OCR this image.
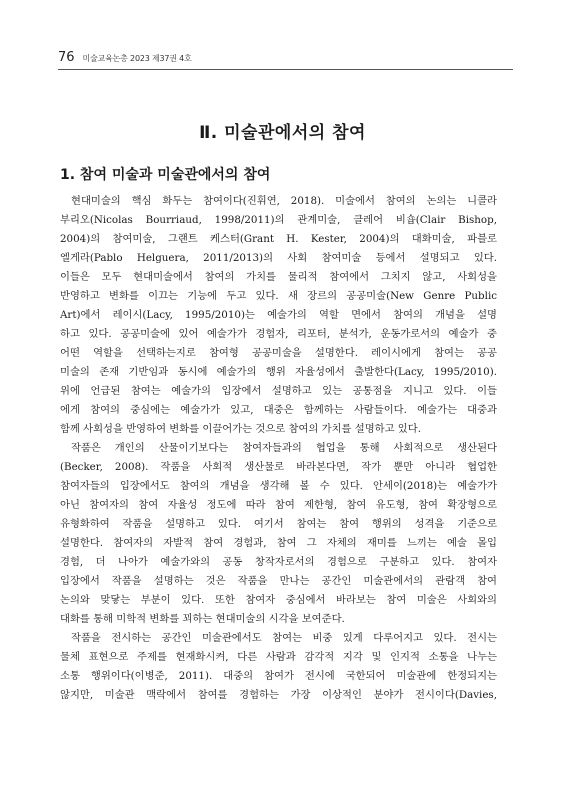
76 미술교육논총 2023 제37권 4호
Ⅱ. 미술관에서의 참여
1. 참여 미술과 미술관에서의 참여
현대미술의 핵심 화두는 참여이다(진휘연, 2018). 미술에서 참여의 논의는 니콜라
부리오(Nicolas Bourriaud, 1998/2011)의 관계미술, 클레어 비숍(Clair Bishop,
2004)의 참여미술, 그랜트 케스터(Grant H. Kester, 2004)의 대화미술, 파블로
엘게라(Pablo Helguera, 2011/2013)의 사회 참여미술 등에서 설명되고 있다.
이들은 모두 현대미술에서 참여의 가치를 물리적 참여에서 그치지 않고, 사회성을
반영하고 변화를 이끄는 기능에 두고 있다. 새 장르의 공공미술(New Genre Public
Art)에서 레이시(Lacy, 1995/2010)는 예술가의 역할 면에서 참여의 개념을 설명
하고 있다. 공공미술에 있어 예술가가 경험자, 리포터, 분석가, 운동가로서의 예술가 중
어떤 역할을 선택하는지로 참여형 공공미술을 설명한다. 레이시에게 참여는 공공
미술의 존재 기반임과 동시에 예술가의 행위 자율성에서 출발한다(Lacy, 1995/2010).
위에 언급된 참여는 예술가의 입장에서 설명하고 있는 공통점을 지니고 있다. 이들
에게 참여의 중심에는 예술가가 있고, 대중은 함께하는 사람들이다. 예술가는 대중과
함께 사회성을 반영하여 변화를 이끌어가는 것으로 참여의 가치를 설명하고 있다.
작품은 개인의 산물이기보다는 참여자들과의 협업을 통해 사회적으로 생산된다
(Becker, 2008). 작품을 사회적 생산물로 바라본다면, 작가 뿐만 아니라 협업한
참여자들의 입장에서도 참여의 개념을 생각해 볼 수 있다. 안세이(2018)는 예술가가
아닌 참여자의 참여 자율성 정도에 따라 참여 제한형, 참여 유도형, 참여 확장형으로
유형화하여 작품을 설명하고 있다. 여기서 참여는 참여 행위의 성격을 기준으로
설명한다. 참여자의 자발적 참여 경험과, 참여 그 자체의 재미를 느끼는 예술 몰입
경험, 더 나아가 예술가와의 공동 창작자로서의 경험으로 구분하고 있다. 참여자
입장에서 작품을 설명하는 것은 작품을 만나는 공간인 미술관에서의 관람객 참여
논의와 맞닿는 부분이 있다. 또한 참여자 중심에서 바라보는 참여 미술은 사회와의
대화를 통해 미학적 변화를 꾀하는 현대미술의 시각을 보여준다.
작품을 전시하는 공간인 미술관에서도 참여는 비중 있게 다루어지고 있다. 전시는
물체 표현으로 주제를 현재화시켜, 다른 사람과 감각적 지각 및 인지적 소통을 나누는
소통 행위이다(이병준, 2011). 대중의 참여가 전시에 국한되어 미술관에 한정되지는
않지만, 미술관 맥락에서 참여를 경험하는 가장 이상적인 분야가 전시이다(Davies,
